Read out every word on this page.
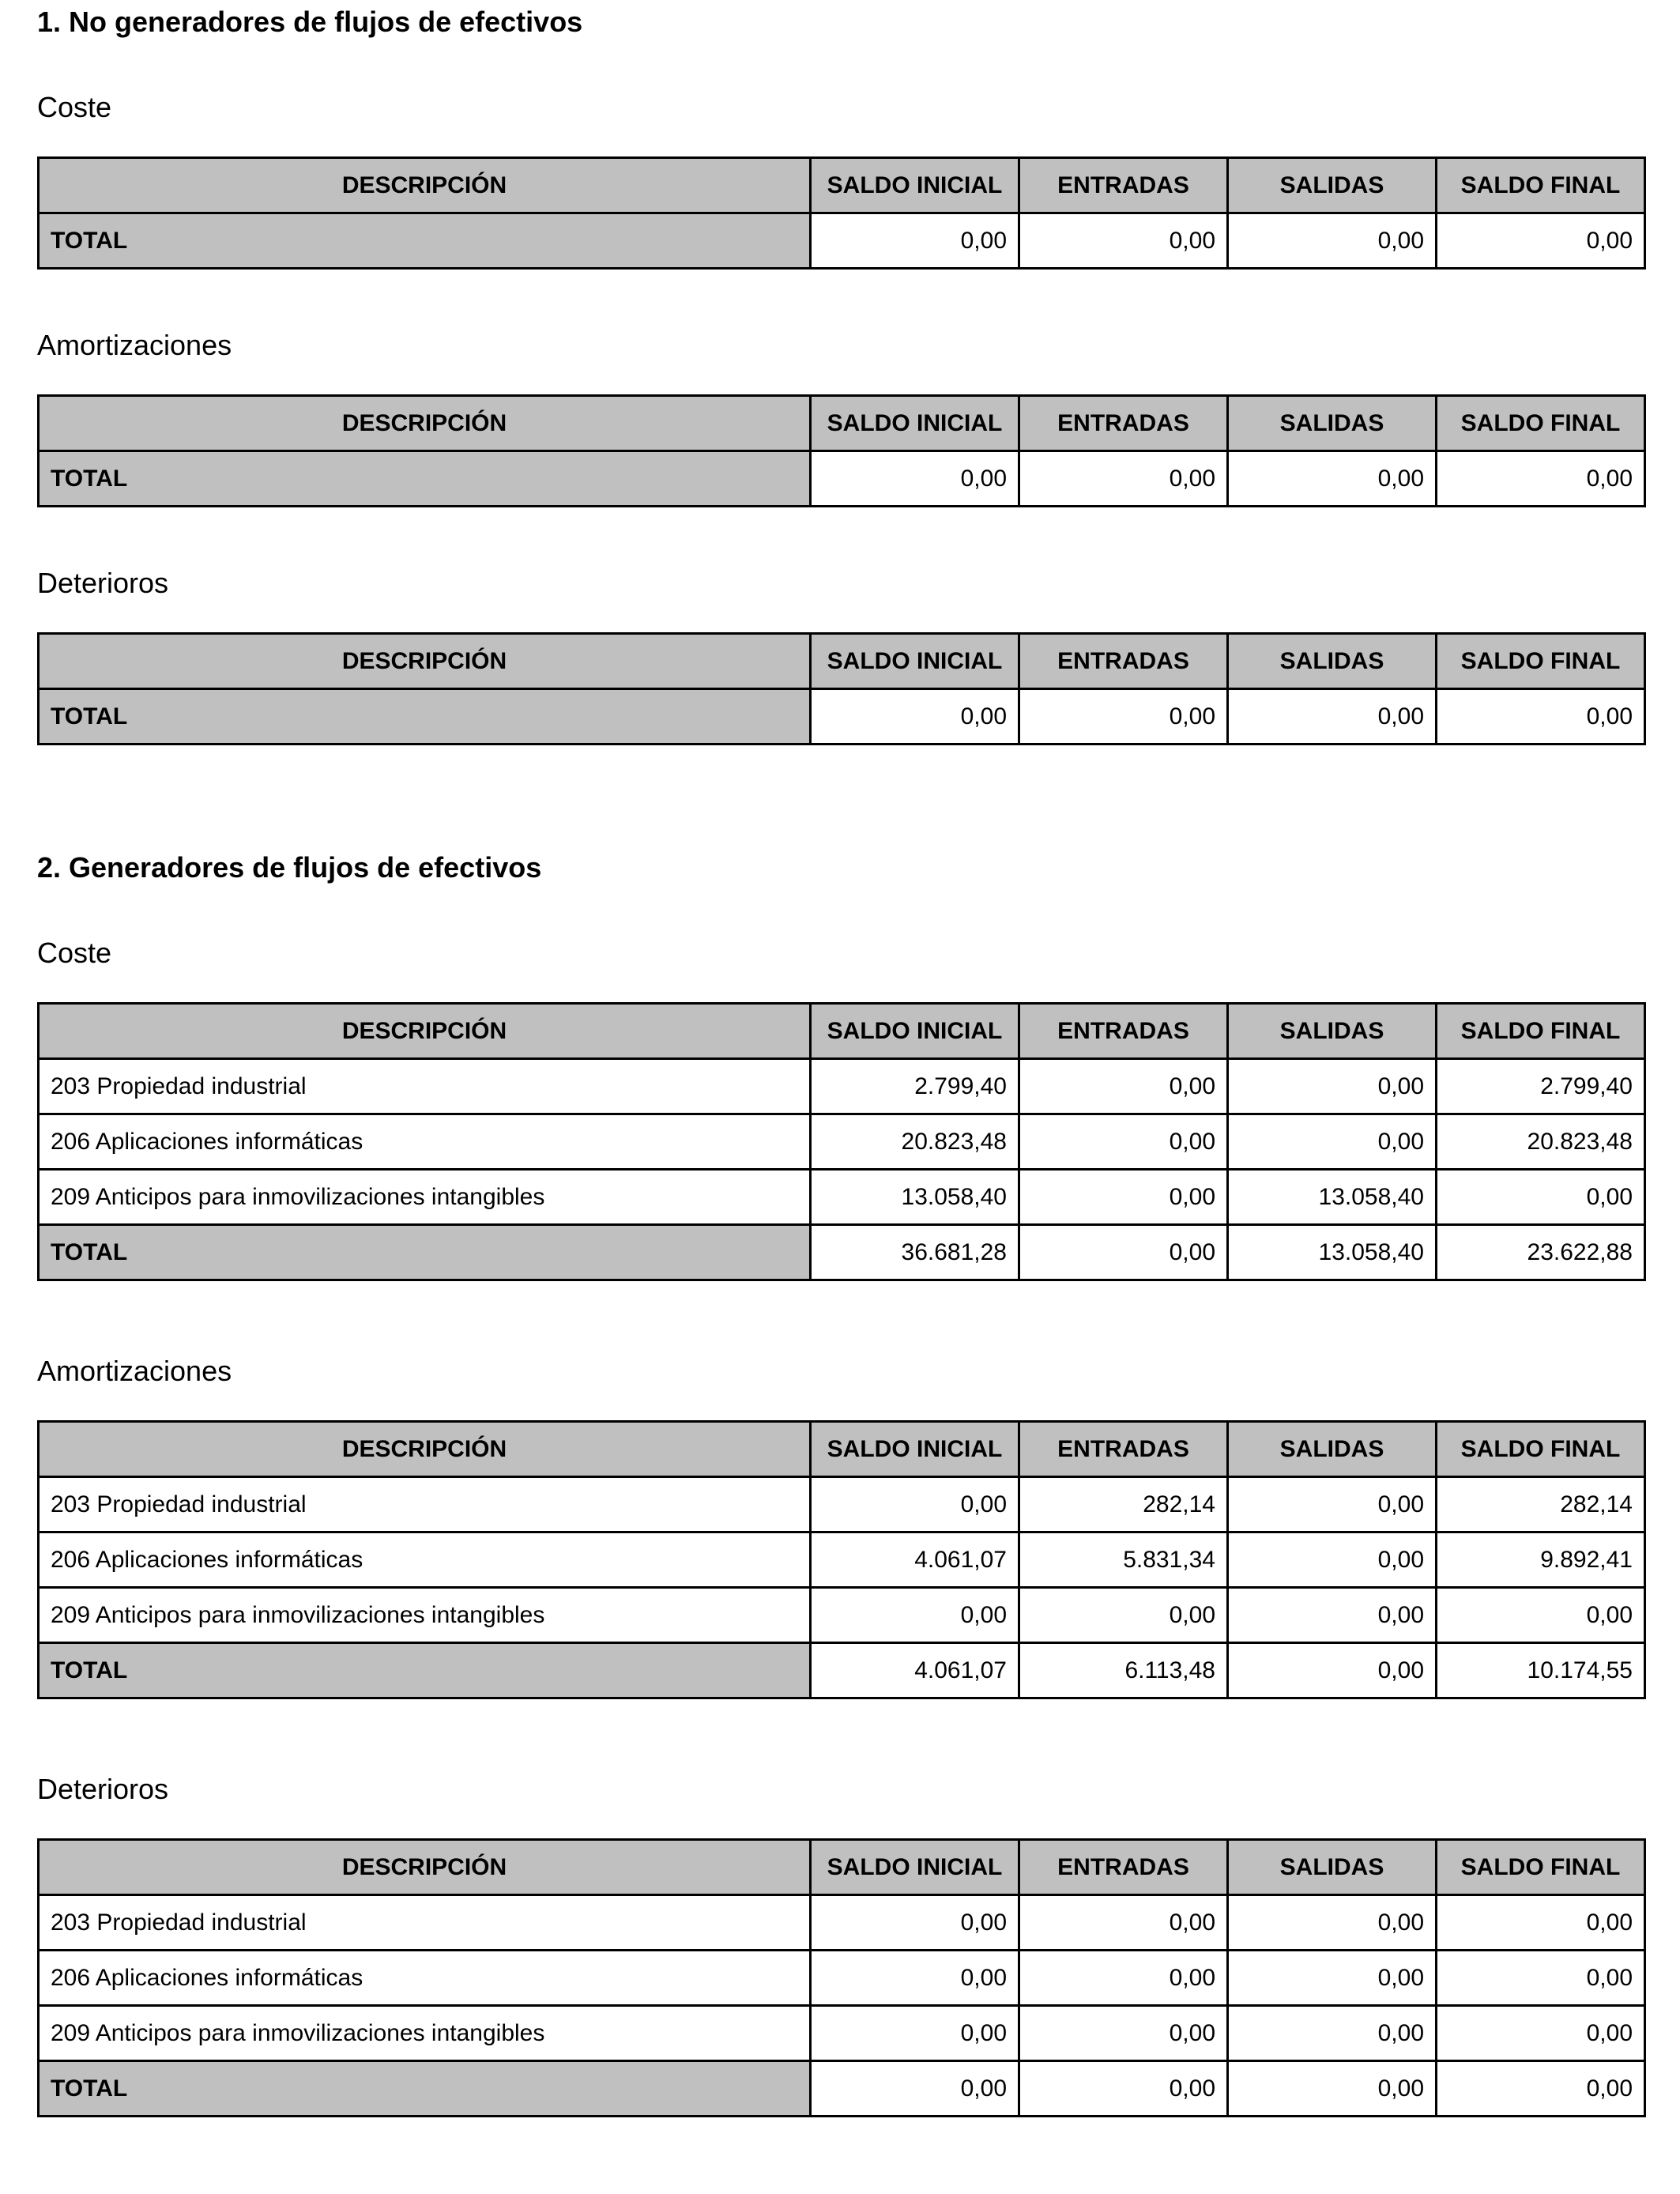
1. No generadores de flujos de efectivos
Coste
DESCRIPCIÓN	SALDO INICIAL	ENTRADAS	SALIDAS	SALDO FINAL
TOTAL	0,00	0,00	0,00	0,00
Amortizaciones
DESCRIPCIÓN	SALDO INICIAL	ENTRADAS	SALIDAS	SALDO FINAL
TOTAL	0,00	0,00	0,00	0,00
Deterioros
DESCRIPCIÓN	SALDO INICIAL	ENTRADAS	SALIDAS	SALDO FINAL
TOTAL	0,00	0,00	0,00	0,00
2. Generadores de flujos de efectivos
Coste
DESCRIPCIÓN	SALDO INICIAL	ENTRADAS	SALIDAS	SALDO FINAL
203 Propiedad industrial	2.799,40	0,00	0,00	2.799,40
206 Aplicaciones informáticas	20.823,48	0,00	0,00	20.823,48
209 Anticipos para inmovilizaciones intangibles	13.058,40	0,00	13.058,40	0,00
TOTAL	36.681,28	0,00	13.058,40	23.622,88
Amortizaciones
DESCRIPCIÓN	SALDO INICIAL	ENTRADAS	SALIDAS	SALDO FINAL
203 Propiedad industrial	0,00	282,14	0,00	282,14
206 Aplicaciones informáticas	4.061,07	5.831,34	0,00	9.892,41
209 Anticipos para inmovilizaciones intangibles	0,00	0,00	0,00	0,00
TOTAL	4.061,07	6.113,48	0,00	10.174,55
Deterioros
DESCRIPCIÓN	SALDO INICIAL	ENTRADAS	SALIDAS	SALDO FINAL
203 Propiedad industrial	0,00	0,00	0,00	0,00
206 Aplicaciones informáticas	0,00	0,00	0,00	0,00
209 Anticipos para inmovilizaciones intangibles	0,00	0,00	0,00	0,00
TOTAL	0,00	0,00	0,00	0,00
